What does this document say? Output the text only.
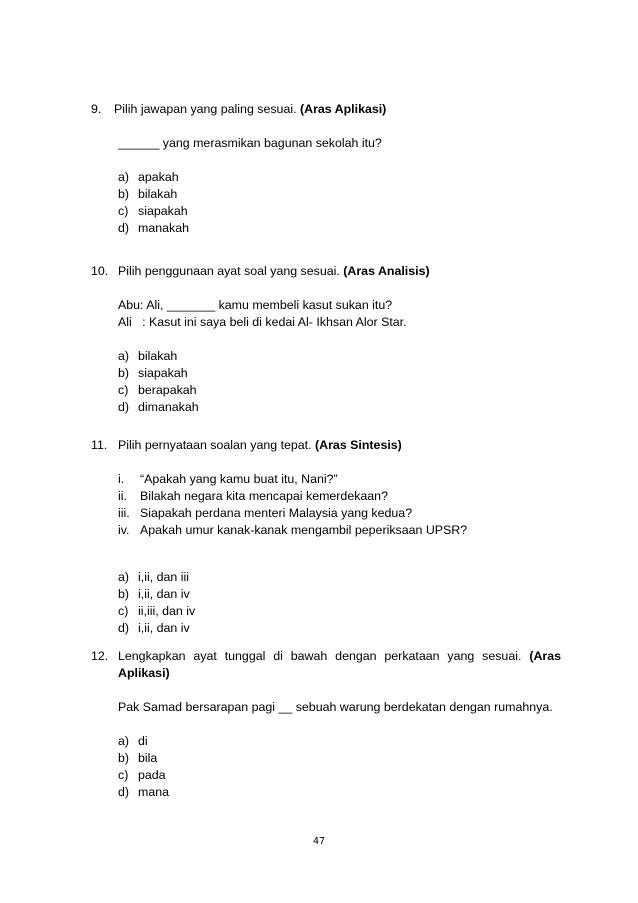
9.	Pilih jawapan yang paling sesuai. (Aras Aplikasi)
______ yang merasmikan bagunan sekolah itu?
a) apakah
b) bilakah
c) siapakah
d) manakah
10. Pilih penggunaan ayat soal yang sesuai. (Aras Analisis)
Abu: Ali, _______ kamu membeli kasut sukan itu?
Ali   : Kasut ini saya beli di kedai Al- Ikhsan Alor Star.
a) bilakah
b) siapakah
c) berapakah
d) dimanakah
11. Pilih pernyataan soalan yang tepat. (Aras Sintesis)
i.	“Apakah yang kamu buat itu, Nani?”
ii.	Bilakah negara kita mencapai kemerdekaan?
iii. Siapakah perdana menteri Malaysia yang kedua?
iv. Apakah umur kanak-kanak mengambil peperiksaan UPSR?
a) i,ii, dan iii
b) i,ii, dan iv
c) ii,iii, dan iv
d) i,ii, dan iv
12. Lengkapkan ayat tunggal di bawah dengan perkataan yang sesuai. (Aras Aplikasi)
Pak Samad bersarapan pagi __ sebuah warung berdekatan dengan rumahnya.
a) di
b) bila
c) pada
d) mana
47
